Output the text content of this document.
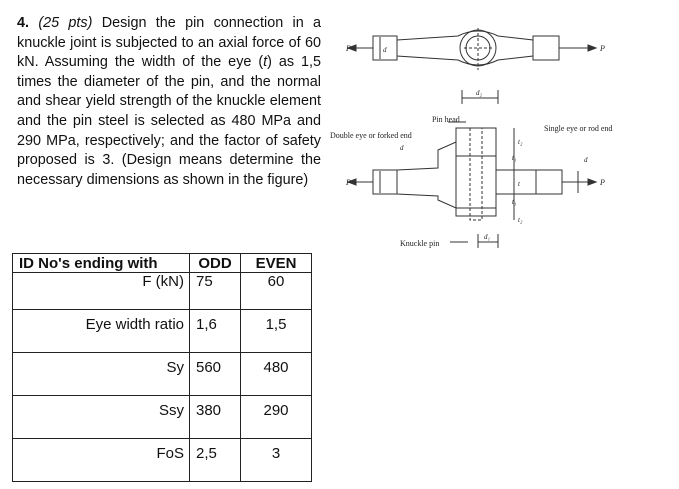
4. (25 pts) Design the pin connection in a knuckle joint is subjected to an axial force of 60 kN. Assuming the width of the eye (t) as 1,5 times the diameter of the pin, and the normal and shear yield strength of the knuckle element and the pin steel is selected as 480 MPa and 290 MPa, respectively; and the factor of safety proposed is 3. (Design means determine the necessary dimensions as shown in the figure)
P	P
d
d₂
Pin head
Double eye or forked end
d
Single eye or rod end
d
P	P
t₂
t₁
t
t₁
t₂
Knuckle pin
d₁
ID No's ending with	ODD	EVEN
F (kN)	75	60
Eye width ratio	1,6	1,5
Sy	560	480
Ssy	380	290
FoS	2,5	3
